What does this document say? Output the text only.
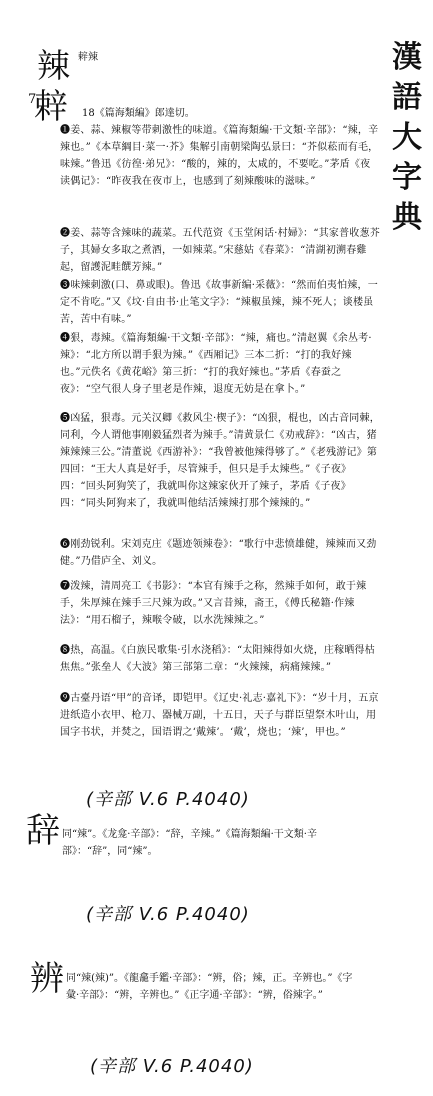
漢
語
大
字
典
辣 辢辣
7
辢 18《篇海類編》郎達切。
❶姜、蒜、辣椒等带刺激性的味道。《篇海類編·干文類·辛部》：“辣，辛辣也。”《本草綱目·菜一·芥》集解引南朝梁陶弘景曰：“芥似菘而有毛，味辣。”鲁迅《彷徨·弟兄》：“酸的，辣的，太咸的，不要吃。”茅盾《夜读偶记》：“昨夜我在夜市上，也感到了刻辣酸味的滋味。”
❷姜、蒜等含辣味的蔬菜。五代范资《玉堂闲话·村婦》：“其家普收葱芥子，其婦女多取之煮酒，一如辣菜。”宋慈姑《春菜》：“清湖初溯春雞起，留護泥畦饌芳辣。”
❸味辣刺激(口、鼻或眼)。鲁迅《故事新编·采薇》：“然而伯夷怕辣，一定不肯吃。”又《坟·自由书·止笔文字》：“辣椒虽辣，辣不死人；谈楼虽苦，苦中有味。”
❹狠，毒辣。《篇海類編·干文類·辛部》：“辣，痛也。”清赵翼《余丛考·辣》：“北方所以谓手狠为辣。”《西厢记》三本二折：“打的我好辣也。”元佚名《黄花峪》第三折：“打的我好辣也。”茅盾《春蚕之夜》：“空气很人身子里老是作辣，退度无妨是在拿卜。”
❺凶猛，狠毒。元关汉卿《救风尘·楔子》：“凶狠，棍也，凶古音同棘，同利，今人谓他事刚毅猛烈者为辣手。”清黄景仁《劝戒辞》：“凶古，猪辣辣辣三公。”清董说《西游补》：“我曾被他辣得够了。”《老残游记》第四回：“王大人真是好手，尽管辣手，但只是手太辣些。”《子夜》四：“回头阿狗笑了，我就叫你这辣家伙开了辣子，茅盾《子夜》四：“同头阿狗来了，我就叫他结活辣辣打那个辣辣的。”
❻刚劲锐利。宋刘克庄《题迹领辣卷》：“歌行中悲愤雄健，辣辣而又劲健。”乃借庐全、刘义。
❼泼辣，清周亮工《书影》：“本官有辣手之称，然辣手如何，敢于辣手，朱厚辣在辣手三尺辣为政。”又言昔辣，斋王，《傅氏秘籍·作辣法》：“用石榴子，辣喉令破，以水洗辣辣之。”
❽热，高温。《白族民歌集·引水浇稻》：“太阳辣得如火烧，庄稼晒得枯焦焦。”张垒人《大波》第三部第二章：“火辣辣，病痛辣辣。”
❾古臺丹语“甲”的音译，即铠甲。《辽史·礼志·嘉礼下》：“岁十月，五京进纸造小衣甲、枪刀、器械万副，十五日，天子与群臣望祭木叶山，用国字书状，并焚之，国语谓之‘戴辣’。‘戴’，烧也；‘辣’，甲也。”
(辛部 V.6 P.4040)
辞 同“辣”。《龙龛·辛部》：“辞，辛辣。”《篇海類編·干文類·辛部》：“辞”，同“辣”。
(辛部 V.6 P.4040)
辨 同“辣(辣)”。《龍龕手鑑·辛部》：“辨，俗；辣，正。辛辨也。”《字彙·辛部》：“辨，辛辨也。”《正字通·辛部》：“辨，俗辣字。”
(辛部 V.6 P.4040)
